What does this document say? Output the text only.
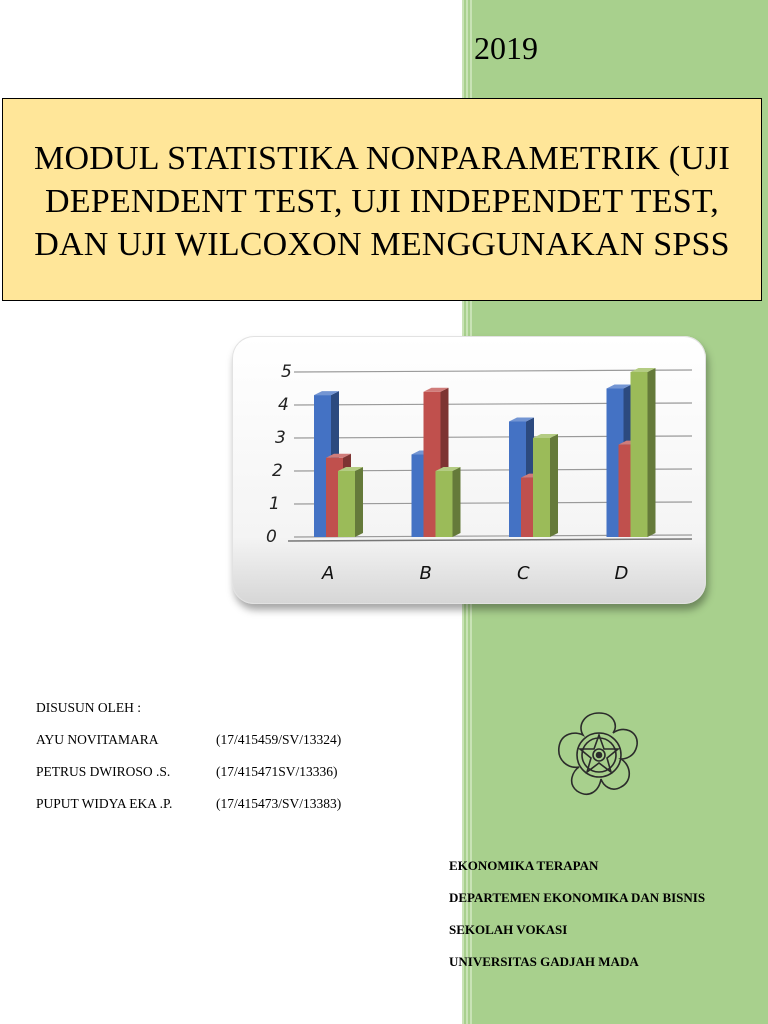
2019
MODUL STATISTIKA NONPARAMETRIK (UJI
DEPENDENT TEST, UJI INDEPENDET TEST,
DAN UJI WILCOXON MENGGUNAKAN SPSS
0
1
2
3
4
5
A	B	C	D
DISUSUN OLEH :
AYU NOVITAMARA	(17/415459/SV/13324)
PETRUS DWIROSO .S.	(17/415471SV/13336)
PUPUT WIDYA EKA .P.	(17/415473/SV/13383)
EKONOMIKA TERAPAN
DEPARTEMEN EKONOMIKA DAN BISNIS
SEKOLAH VOKASI
UNIVERSITAS GADJAH MADA
